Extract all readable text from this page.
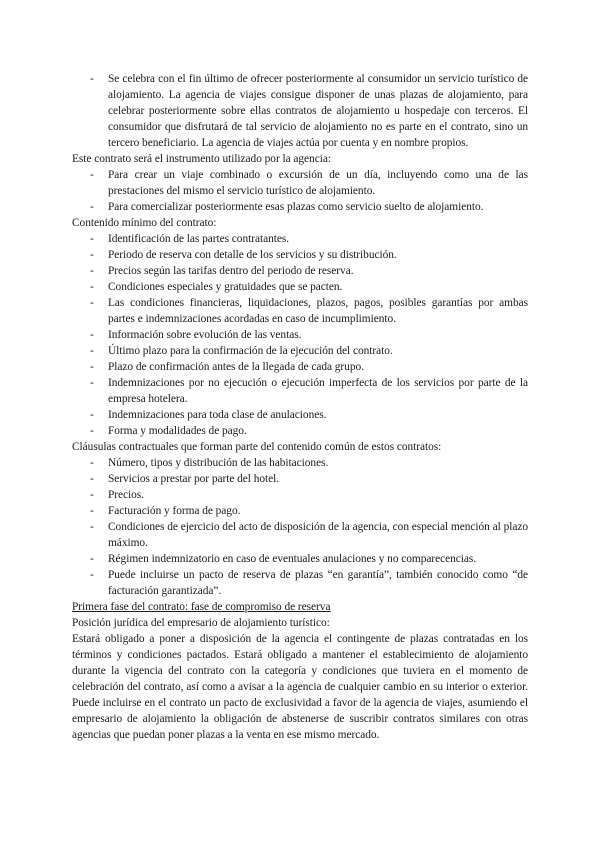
- Se celebra con el fin último de ofrecer posteriormente al consumidor un servicio turístico de alojamiento. La agencia de viajes consigue disponer de unas plazas de alojamiento, para celebrar posteriormente sobre ellas contratos de alojamiento u hospedaje con terceros. El consumidor que disfrutará de tal servicio de alojamiento no es parte en el contrato, sino un tercero beneficiario. La agencia de viajes actúa por cuenta y en nombre propios.

Este contrato será el instrumento utilizado por la agencia:

- Para crear un viaje combinado o excursión de un día, incluyendo como una de las prestaciones del mismo el servicio turístico de alojamiento.
- Para comercializar posteriormente esas plazas como servicio suelto de alojamiento.

Contenido mínimo del contrato:

- Identificación de las partes contratantes.
- Periodo de reserva con detalle de los servicios y su distribución.
- Precios según las tarifas dentro del periodo de reserva.
- Condiciones especiales y gratuidades que se pacten.
- Las condiciones financieras, liquidaciones, plazos, pagos, posibles garantías por ambas partes e indemnizaciones acordadas en caso de incumplimiento.
- Información sobre evolución de las ventas.
- Último plazo para la confirmación de la ejecución del contrato.
- Plazo de confirmación antes de la llegada de cada grupo.
- Indemnizaciones por no ejecución o ejecución imperfecta de los servicios por parte de la empresa hotelera.
- Indemnizaciones para toda clase de anulaciones.
- Forma y modalidades de pago.

Cláusulas contractuales que forman parte del contenido común de estos contratos:

- Número, tipos y distribución de las habitaciones.
- Servicios a prestar por parte del hotel.
- Precios.
- Facturación y forma de pago.
- Condiciones de ejercicio del acto de disposición de la agencia, con especial mención al plazo máximo.
- Régimen indemnizatorio en caso de eventuales anulaciones y no comparecencias.
- Puede incluirse un pacto de reserva de plazas “en garantía”, también conocido como “de facturación garantizada”.

Primera fase del contrato: fase de compromiso de reserva

Posición jurídica del empresario de alojamiento turístico:

Estará obligado a poner a disposición de la agencia el contingente de plazas contratadas en los términos y condiciones pactados. Estará obligado a mantener el establecimiento de alojamiento durante la vigencia del contrato con la categoría y condiciones que tuviera en el momento de celebración del contrato, así como a avisar a la agencia de cualquier cambio en su interior o exterior. Puede incluirse en el contrato un pacto de exclusividad a favor de la agencia de viajes, asumiendo el empresario de alojamiento la obligación de abstenerse de suscribir contratos similares con otras agencias que puedan poner plazas a la venta en ese mismo mercado.
